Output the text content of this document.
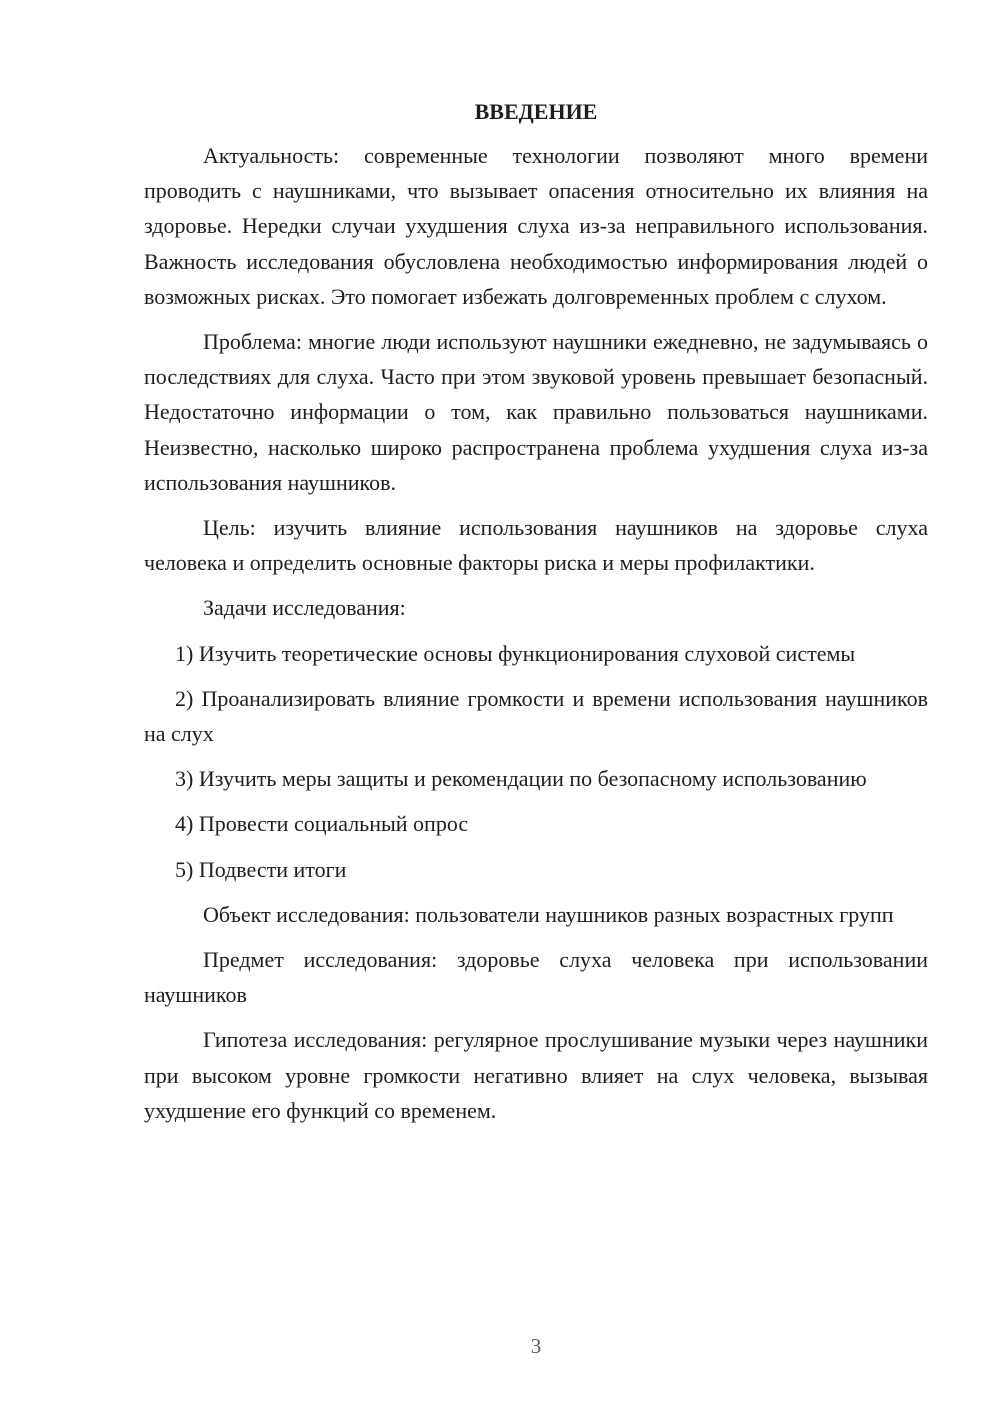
ВВЕДЕНИЕ

Актуальность: современные технологии позволяют много времени проводить с наушниками, что вызывает опасения относительно их влияния на здоровье. Нередки случаи ухудшения слуха из-за неправильного использования. Важность исследования обусловлена необходимостью информирования людей о возможных рисках. Это помогает избежать долговременных проблем с слухом.

Проблема: многие люди используют наушники ежедневно, не задумываясь о последствиях для слуха. Часто при этом звуковой уровень превышает безопасный. Недостаточно информации о том, как правильно пользоваться наушниками. Неизвестно, насколько широко распространена проблема ухудшения слуха из-за использования наушников.

Цель: изучить влияние использования наушников на здоровье слуха человека и определить основные факторы риска и меры профилактики.

Задачи исследования:

1) Изучить теоретические основы функционирования слуховой системы

2) Проанализировать влияние громкости и времени использования наушников на слух

3) Изучить меры защиты и рекомендации по безопасному использованию

4) Провести социальный опрос

5) Подвести итоги

Объект исследования: пользователи наушников разных возрастных групп

Предмет исследования: здоровье слуха человека при использовании наушников

Гипотеза исследования: регулярное прослушивание музыки через наушники при высоком уровне громкости негативно влияет на слух человека, вызывая ухудшение его функций со временем.

3
